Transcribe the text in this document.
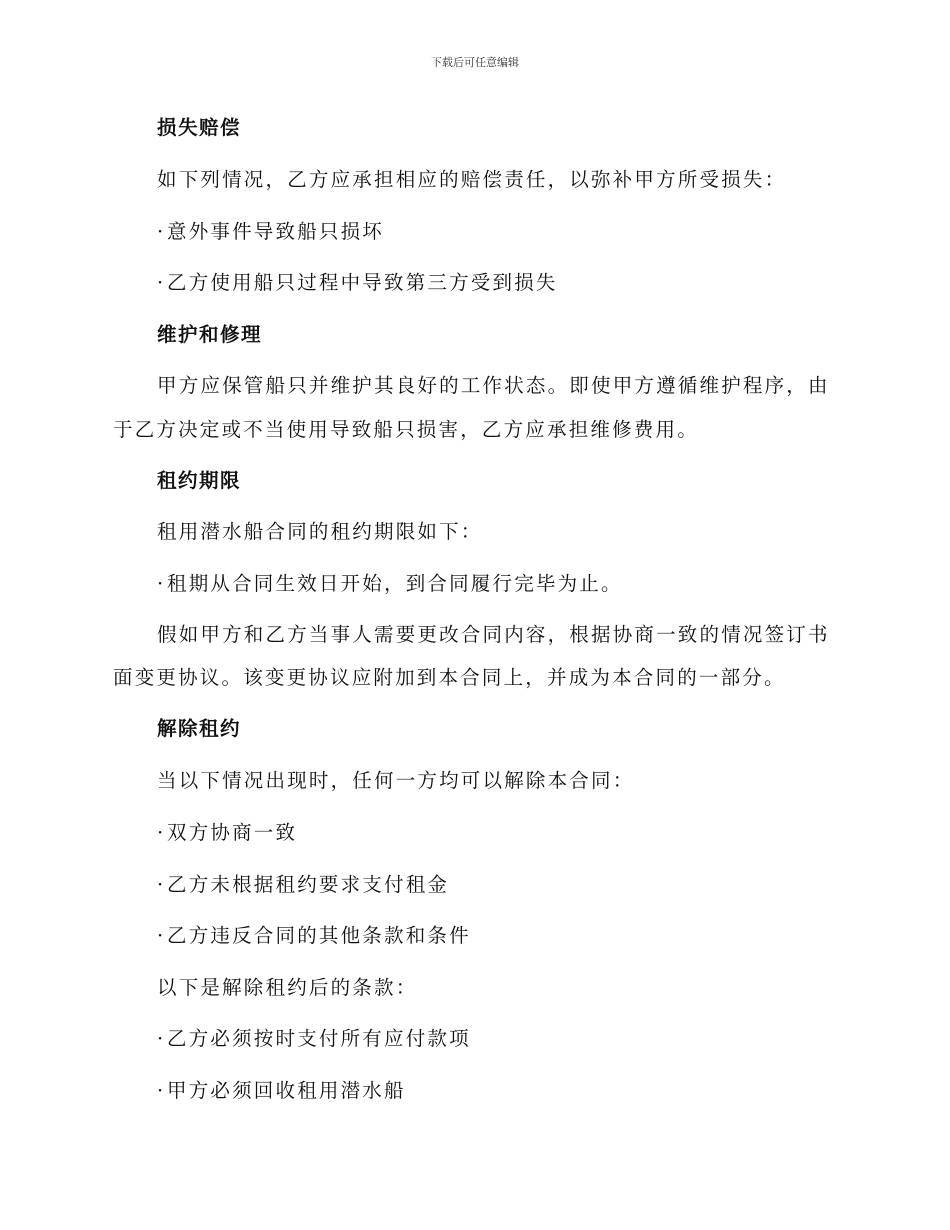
下载后可任意编辑
损失赔偿
如下列情况，乙方应承担相应的赔偿责任，以弥补甲方所受损失：
·意外事件导致船只损坏
·乙方使用船只过程中导致第三方受到损失
维护和修理
甲方应保管船只并维护其良好的工作状态。即使甲方遵循维护程序，由
于乙方决定或不当使用导致船只损害，乙方应承担维修费用。
租约期限
租用潜水船合同的租约期限如下：
·租期从合同生效日开始，到合同履行完毕为止。
假如甲方和乙方当事人需要更改合同内容，根据协商一致的情况签订书
面变更协议。该变更协议应附加到本合同上，并成为本合同的一部分。
解除租约
当以下情况出现时，任何一方均可以解除本合同：
·双方协商一致
·乙方未根据租约要求支付租金
·乙方违反合同的其他条款和条件
以下是解除租约后的条款：
·乙方必须按时支付所有应付款项
·甲方必须回收租用潜水船
